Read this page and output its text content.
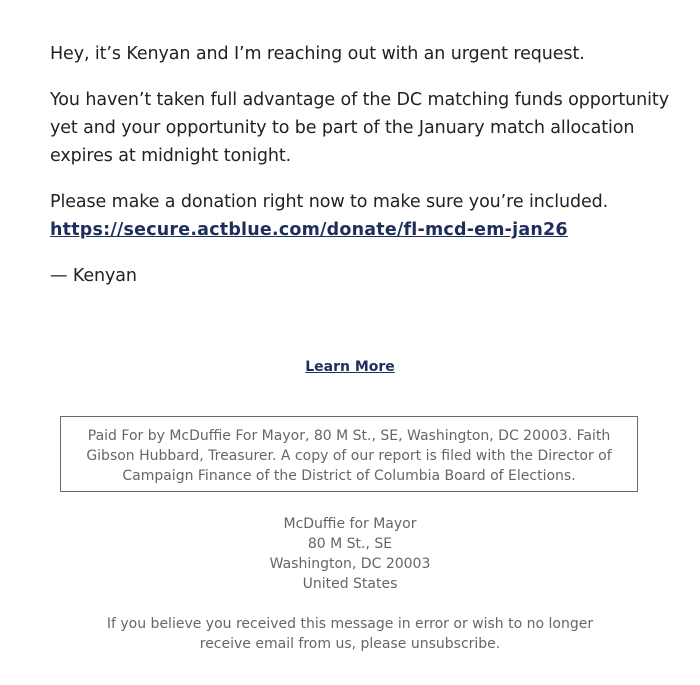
Hey, it’s Kenyan and I’m reaching out with an urgent request.

You haven’t taken full advantage of the DC matching funds opportunity yet and your opportunity to be part of the January match allocation expires at midnight tonight.

Please make a donation right now to make sure you’re included.
https://secure.actblue.com/donate/fl-mcd-em-jan26

— Kenyan

Learn More
Paid For by McDuffie For Mayor, 80 M St., SE, Washington, DC 20003. Faith Gibson Hubbard, Treasurer. A copy of our report is filed with the Director of Campaign Finance of the District of Columbia Board of Elections.
McDuffie for Mayor
80 M St., SE
Washington, DC 20003
United States
If you believe you received this message in error or wish to no longer receive email from us, please unsubscribe.
